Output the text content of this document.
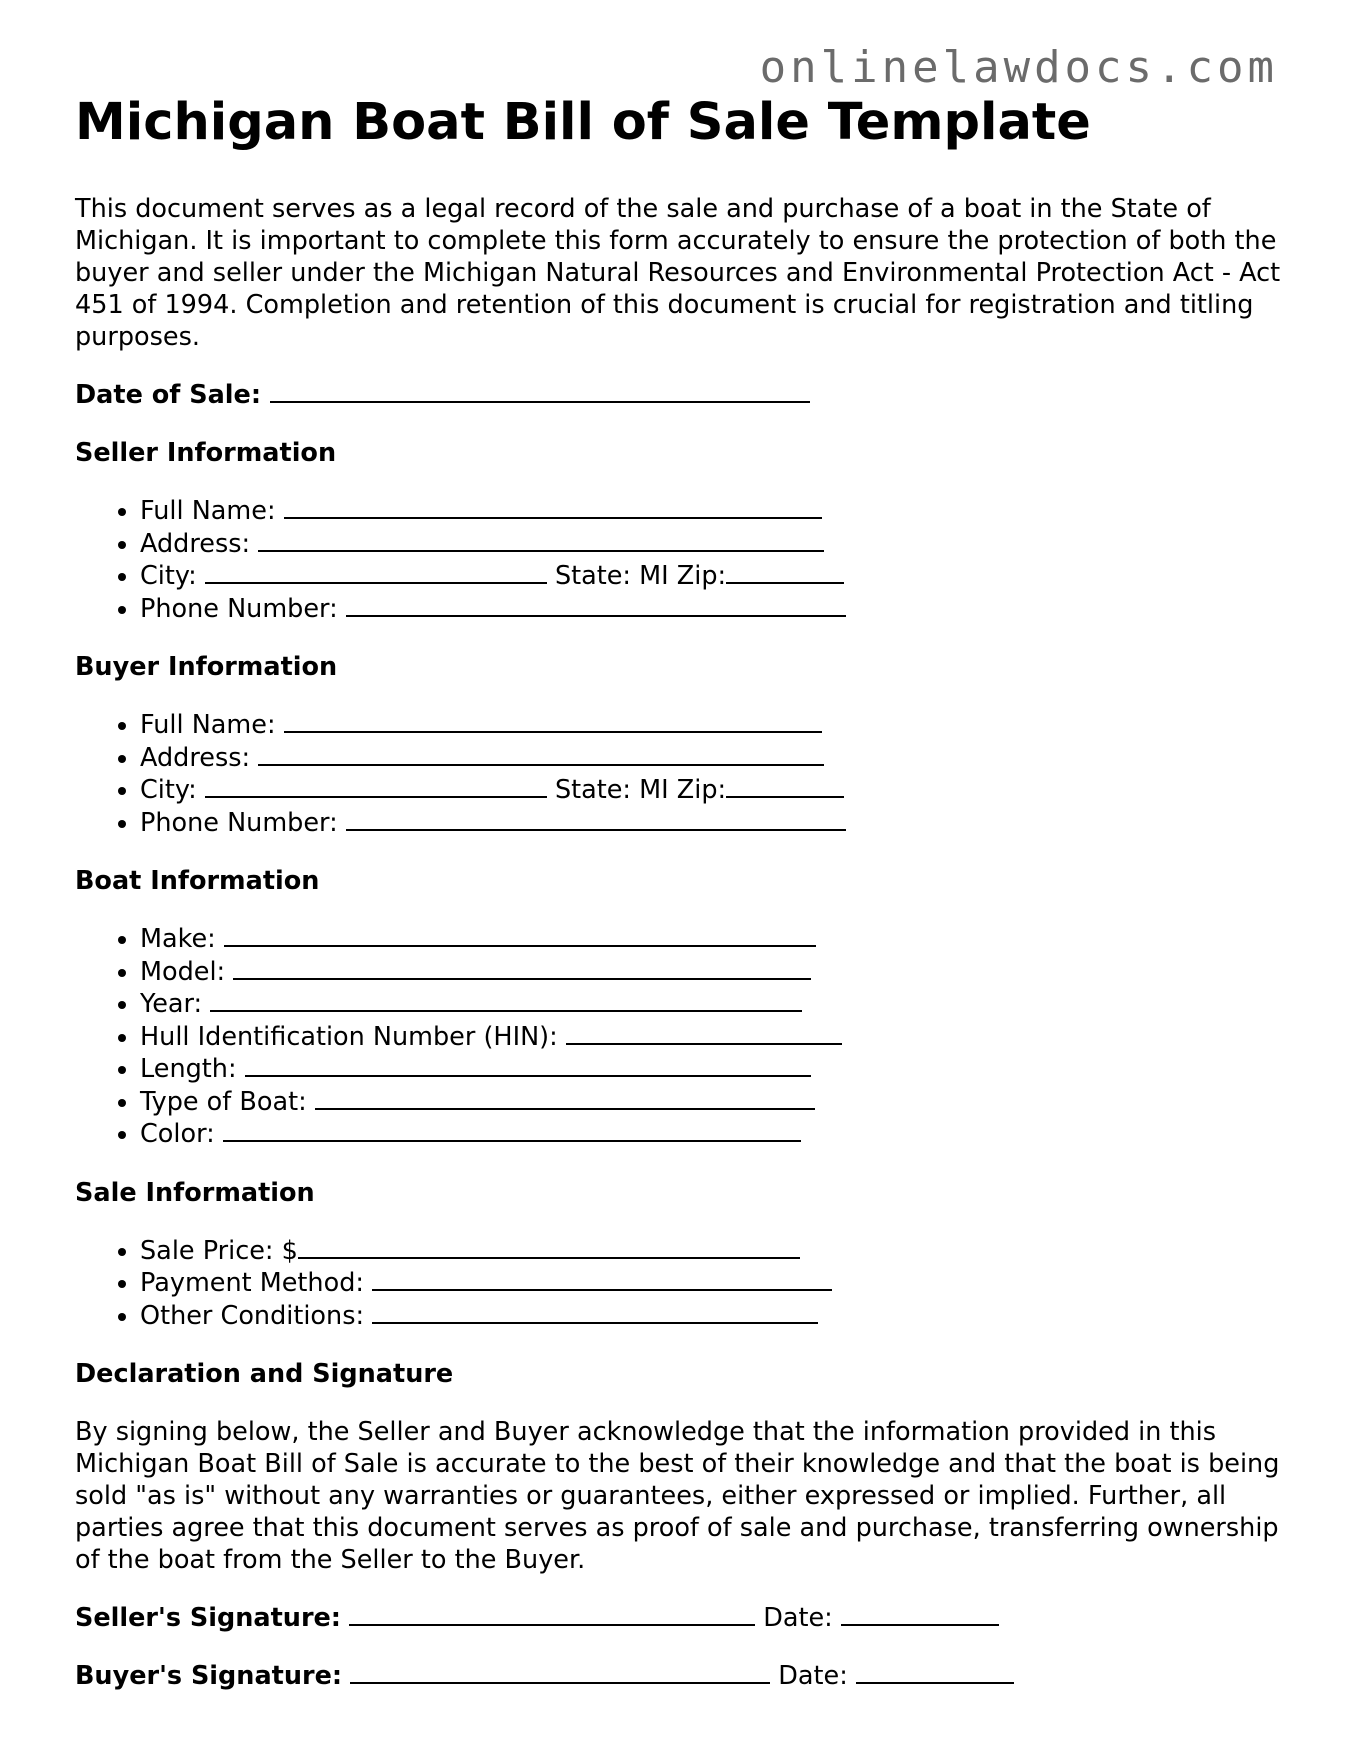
onlinelawdocs.com
Michigan Boat Bill of Sale Template

This document serves as a legal record of the sale and purchase of a boat in the State of Michigan. It is important to complete this form accurately to ensure the protection of both the buyer and seller under the Michigan Natural Resources and Environmental Protection Act - Act 451 of 1994. Completion and retention of this document is crucial for registration and titling purposes.

Date of Sale:
Seller Information
• Full Name:
• Address:
• City:	State: MI Zip:
• Phone Number:
Buyer Information
• Full Name:
• Address:
• City:	State: MI Zip:
• Phone Number:
Boat Information
• Make:
• Model:
• Year:
• Hull Identification Number (HIN):
• Length:
• Type of Boat:
• Color:
Sale Information
• Sale Price: $
• Payment Method:
• Other Conditions:
Declaration and Signature

By signing below, the Seller and Buyer acknowledge that the information provided in this Michigan Boat Bill of Sale is accurate to the best of their knowledge and that the boat is being sold "as is" without any warranties or guarantees, either expressed or implied. Further, all parties agree that this document serves as proof of sale and purchase, transferring ownership of the boat from the Seller to the Buyer.

Seller's Signature:	Date:
Buyer's Signature:	Date:
